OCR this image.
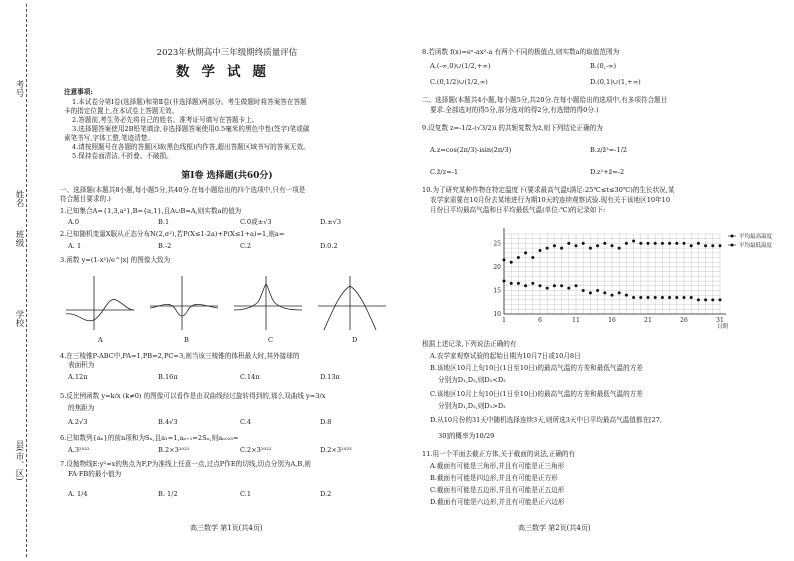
考号
姓名
班级
学校
县(市、区)
2023年秋期高中三年级期终质量评估
数学试题
注意事项:
1.本试卷分第Ⅰ卷(选择题)和第Ⅱ卷(非选择题)两部分。考生做题时将答案答在答题
卡的指定位置上,在本试卷上答题无效。
2.答题前,考生务必先将自己的姓名、准考证号填写在答题卡上。
3.选择题答案使用2B铅笔填涂,非选择题答案使用0.5毫米的黑色中性(签字)笔或碳
素笔书写,字体工整,笔迹清楚。
4.请按照题号在各题的答题区域(黑色线框)内作答,超出答题区域书写的答案无效。
5.保持卷面清洁,不折叠、不破损。
第Ⅰ卷 选择题(共60分)
一、选择题(本题共8小题,每小题5分,共40分.在每小题给出的四个选项中,只有一项是
符合题目要求的.)
1.已知集合A={1,3,a²},B={a,1},且A∪B=A,则实数a的值为
A.0	B.1	C.0或±√3	D.±√3
2.已知随机变量X服从正态分布N(2,σ²),若P(X≤1-2a)+P(X≤1+a)=1,则a=
A. 1	B.-2	C.2	D.0.2
3.函数 y=(1-x²)/e^|x| 的图像大致为
A	B	C	D
4.在三棱锥P-ABC中,PA=1,PB=2,PC=3,则当该三棱锥的体积最大时,其外接球的
表面积为
A.12π	B.16π	C.14π	D.13π
5.反比例函数 y=k/x (k≠0) 的图像可以看作是由双曲线经过旋转得到的,那么双曲线 y=3/x
的焦距为
A.2√3	B.4√3	C.4	D.8
6.已知数列{aₙ}的前n项和为Sₙ,且a₁=1,aₙ₊₁=2Sₙ,则aₙ₀₂₃=
A.3²⁰²²	B.2×3²⁰²¹	C.2×3²⁰²²	D.2×3²⁰²³
7.设抛物线E:y²=x的焦点为F,P为准线上任意一点,过点P作E的切线,切点分别为A,B,则
FA·FB的最小值为
A. 1/4	B. 1/2	C.1	D.2
高三数学 第1页(共4页)
8.若函数 f(x)=eˣ-ax²-a 有两个不同的极值点,则实数a的取值范围为
A.(-∞,0)∪(1/2,+∞)	B.(0,-∞)
C.(0,1/2)∪(1/2,∞)	D.(0,1)∪(1,+∞)
二、选择题(本题共4小题,每小题5分,共20分.在每小题给出的选项中,有多项符合题目
要求.全部选对的得5分,部分选对的得2分,有选错的得0分.)
9.设复数 z=-1/2-(√3/2)i 的共轭复数为z̄,则下列结论正确的为
A.z=cos(2π/3)-isin(2π/3)	B.z/z̄²=-1/2
C.z̄/z=-1	D.z²+z̄=-2
10.为了研究某种作物在特定温度下(要求最高气温t满足:25℃≤t≤30℃)的生长状况,某
农学家需要在10月份去某地进行为期10天的连续观察试验.现有关于该地区10年10
月份日平均最高气温和日平均最低气温(单位:℃)的记录如下:
25
20
15
10
1	6	11	16	21	26	31
日期
平均最高温度
平均最低温度
根据上述记录,下列说法正确的有
A.农学家观察试验的起始日期为10月7日或10月8日
B.该地区10月上旬10日(1日至10日)的最高气温的方差和最低气温的方差
分别为D₁,D₂,则D₁<D₂
C.该地区10月上旬10日(1日至10日)的最高气温的方差和最低气温的方差
分别为D₁,D₂,则D₁>D₂
D.从10月份的31天中随机选择连续3天,则所选3天中日平均最高气温值都在[27,
30]的概率为10/29
11.用一个平面去截正方体,关于截面的说法,正确的有
A.截面有可能是三角形,并且有可能是正三角形
B.截面有可能是四边形,并且有可能是正方形
C.截面有可能是五边形,并且有可能是正五边形
D.截面有可能是六边形,并且有可能是正六边形
高三数学 第2页(共4页)
